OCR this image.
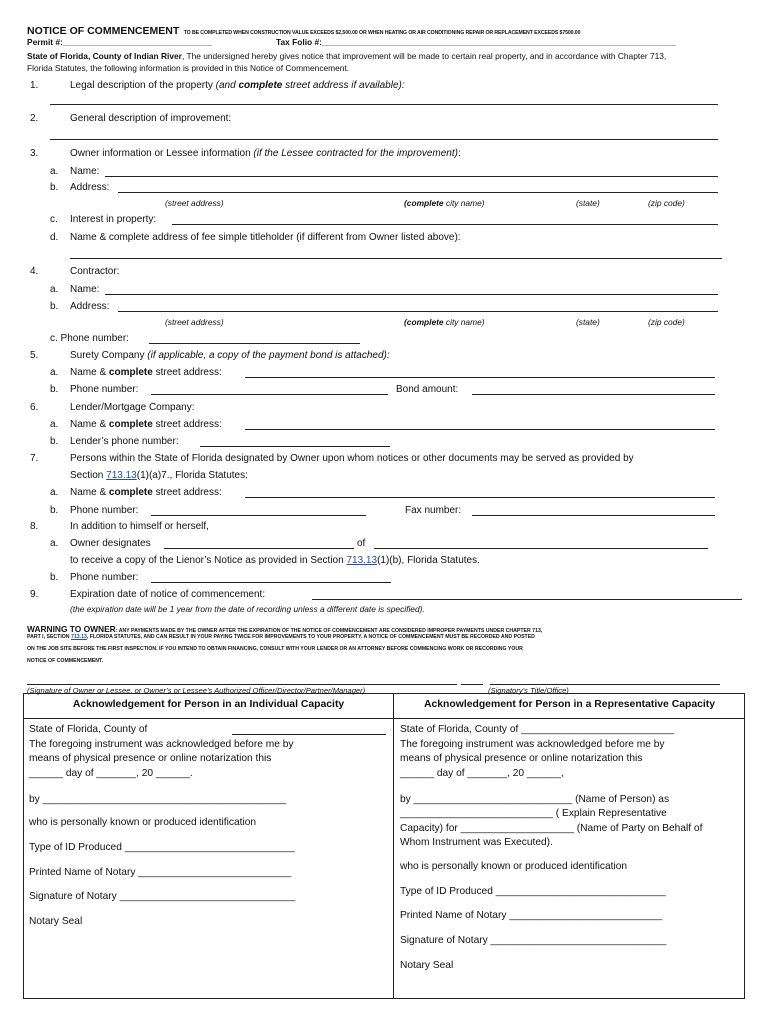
NOTICE OF COMMENCEMENT TO BE COMPLETED WHEN CONSTRUCTION VALUE EXCEEDS $2,500.00 OR WHEN HEATING OR AIR CONDITIONING REPAIR OR REPLACEMENT EXCEEDS $7500.00
Permit #:________________________________	Tax Folio #:____________________________________________________________________________
State of Florida, County of Indian River, The undersigned hereby gives notice that improvement will be made to certain real property, and in accordance with Chapter 713,
Florida Statutes, the following information is provided in this Notice of Commencement.
1.	Legal description of the property (and complete street address if available):
2.	General description of improvement:
3.	Owner information or Lessee information (if the Lessee contracted for the improvement):
a. Name:
b. Address:
(street address)	(complete city name)	(state)	(zip code)
c. Interest in property:
d. Name & complete address of fee simple titleholder (if different from Owner listed above):
4.	Contractor:
a. Name:
b. Address:
(street address)	(complete city name)	(state)	(zip code)
c. Phone number:
5.	Surety Company (if applicable, a copy of the payment bond is attached):
a. Name & complete street address:
b. Phone number:	Bond amount:
6.	Lender/Mortgage Company:
a. Name & complete street address:
b. Lender’s phone number:
7.	Persons within the State of Florida designated by Owner upon whom notices or other documents may be served as provided by
Section 713.13(1)(a)7., Florida Statutes:
a. Name & complete street address:
b. Phone number:	Fax number:
8.	In addition to himself or herself,
a. Owner designates	of
to receive a copy of the Lienor’s Notice as provided in Section 713.13(1)(b), Florida Statutes.
b. Phone number:
9.	Expiration date of notice of commencement:
(the expiration date will be 1 year from the date of recording unless a different date is specified).
WARNING TO OWNER: ANY PAYMENTS MADE BY THE OWNER AFTER THE EXPIRATION OF THE NOTICE OF COMMENCEMENT ARE CONSIDERED IMPROPER PAYMENTS UNDER CHAPTER 713,
PART I, SECTION 713.13, FLORIDA STATUTES, AND CAN RESULT IN YOUR PAYING TWICE FOR IMPROVEMENTS TO YOUR PROPERTY. A NOTICE OF COMMENCEMENT MUST BE RECORDED AND POSTED
ON THE JOB SITE BEFORE THE FIRST INSPECTION. IF YOU INTEND TO OBTAIN FINANCING, CONSULT WITH YOUR LENDER OR AN ATTORNEY BEFORE COMMENCING WORK OR RECORDING YOUR
NOTICE OF COMMENCEMENT.
(Signature of Owner or Lessee, or Owner’s or Lessee’s Authorized Officer/Director/Partner/Manager)	(Signatory’s Title/Office)
Acknowledgement for Person in an Individual Capacity	Acknowledgement for Person in a Representative Capacity
State of Florida, County of
The foregoing instrument was acknowledged before me by
means of physical presence or online notarization this
______ day of _______, 20 ______.
by ___________________________________________
who is personally known or produced identification
Type of ID Produced ______________________________
Printed Name of Notary ___________________________
Signature of Notary _______________________________
Notary Seal
State of Florida, County of ___________________________
The foregoing instrument was acknowledged before me by
means of physical presence or online notarization this
______ day of _______, 20 ______,
by ____________________________ (Name of Person) as
___________________________ ( Explain Representative
Capacity) for ____________________ (Name of Party on Behalf of
Whom Instrument was Executed).
who is personally known or produced identification
Type of ID Produced ______________________________
Printed Name of Notary ___________________________
Signature of Notary _______________________________
Notary Seal
